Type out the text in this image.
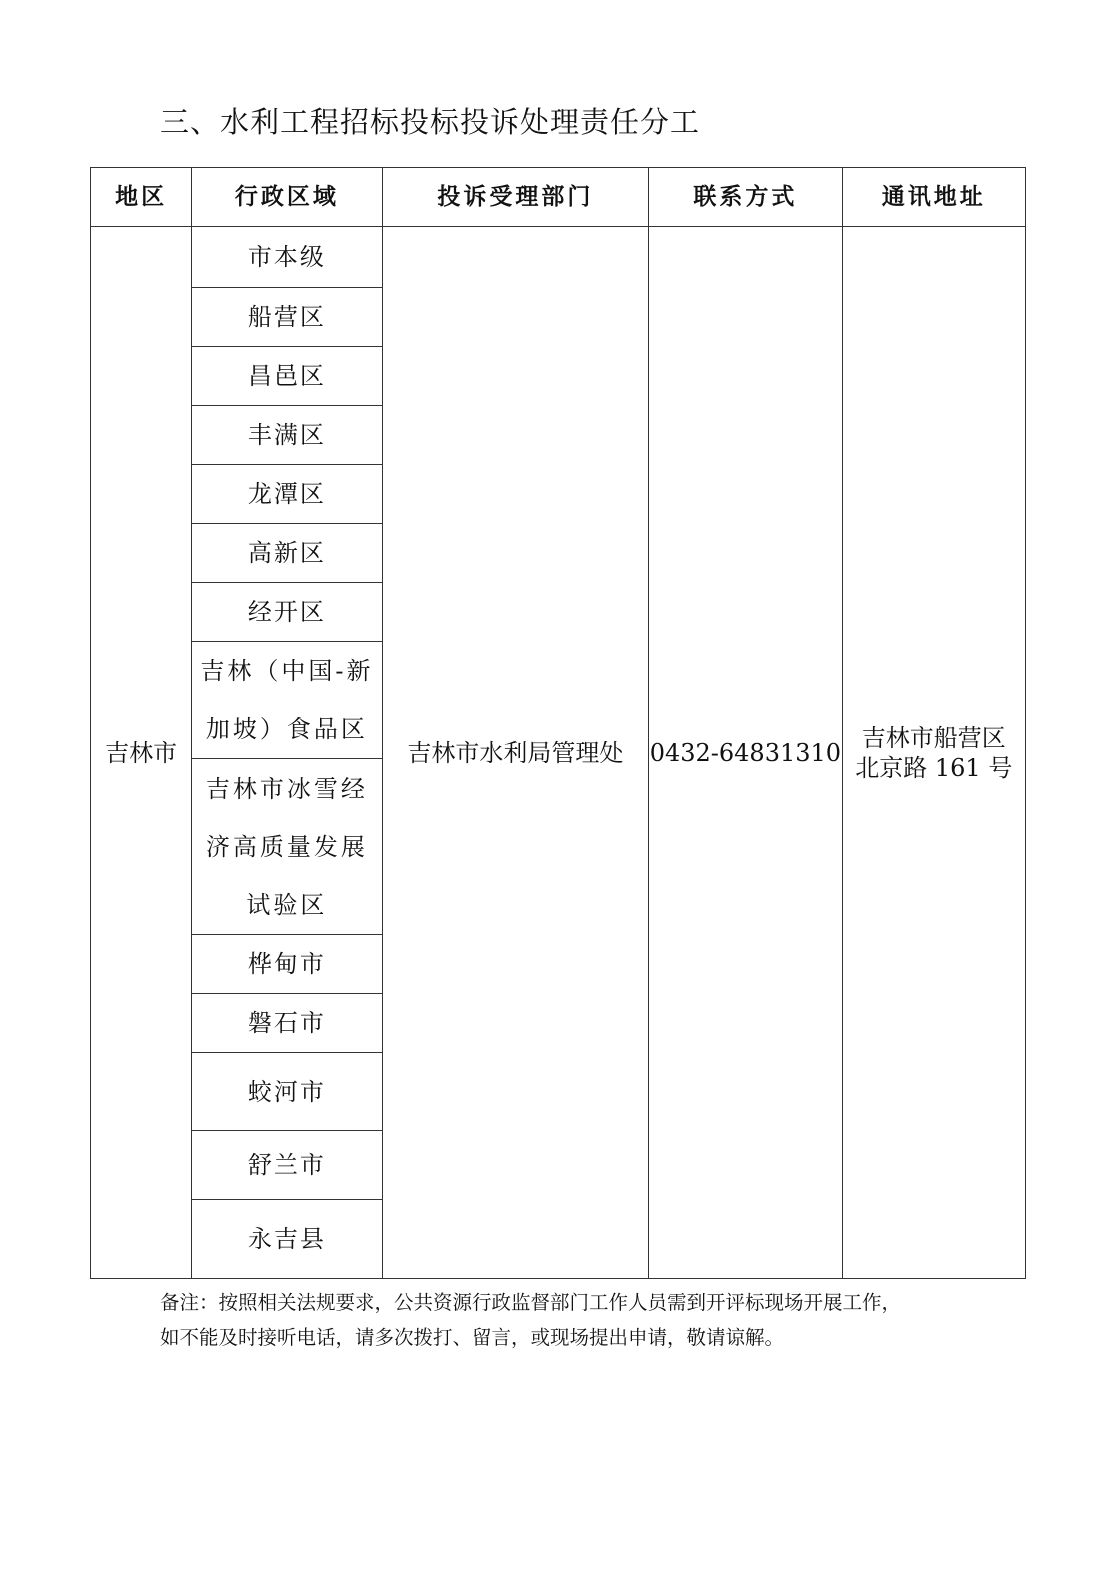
三、水利工程招标投标投诉处理责任分工
地区	行政区域	投诉受理部门	联系方式	通讯地址
吉林市	市本级	吉林市水利局管理处	0432-64831310	吉林市船营区
北京路 161 号

	船营区			
	昌邑区			
	丰满区			
	龙潭区			
	高新区			
	经开区			

	吉林（中国-新
加坡）食品区			

	吉林市冰雪经
济高质量发展
试验区			

	桦甸市			
	磐石市			
	蛟河市			
	舒兰市			
	永吉县			
备注：按照相关法规要求，公共资源行政监督部门工作人员需到开评标现场开展工作，
如不能及时接听电话，请多次拨打、留言，或现场提出申请，敬请谅解。
